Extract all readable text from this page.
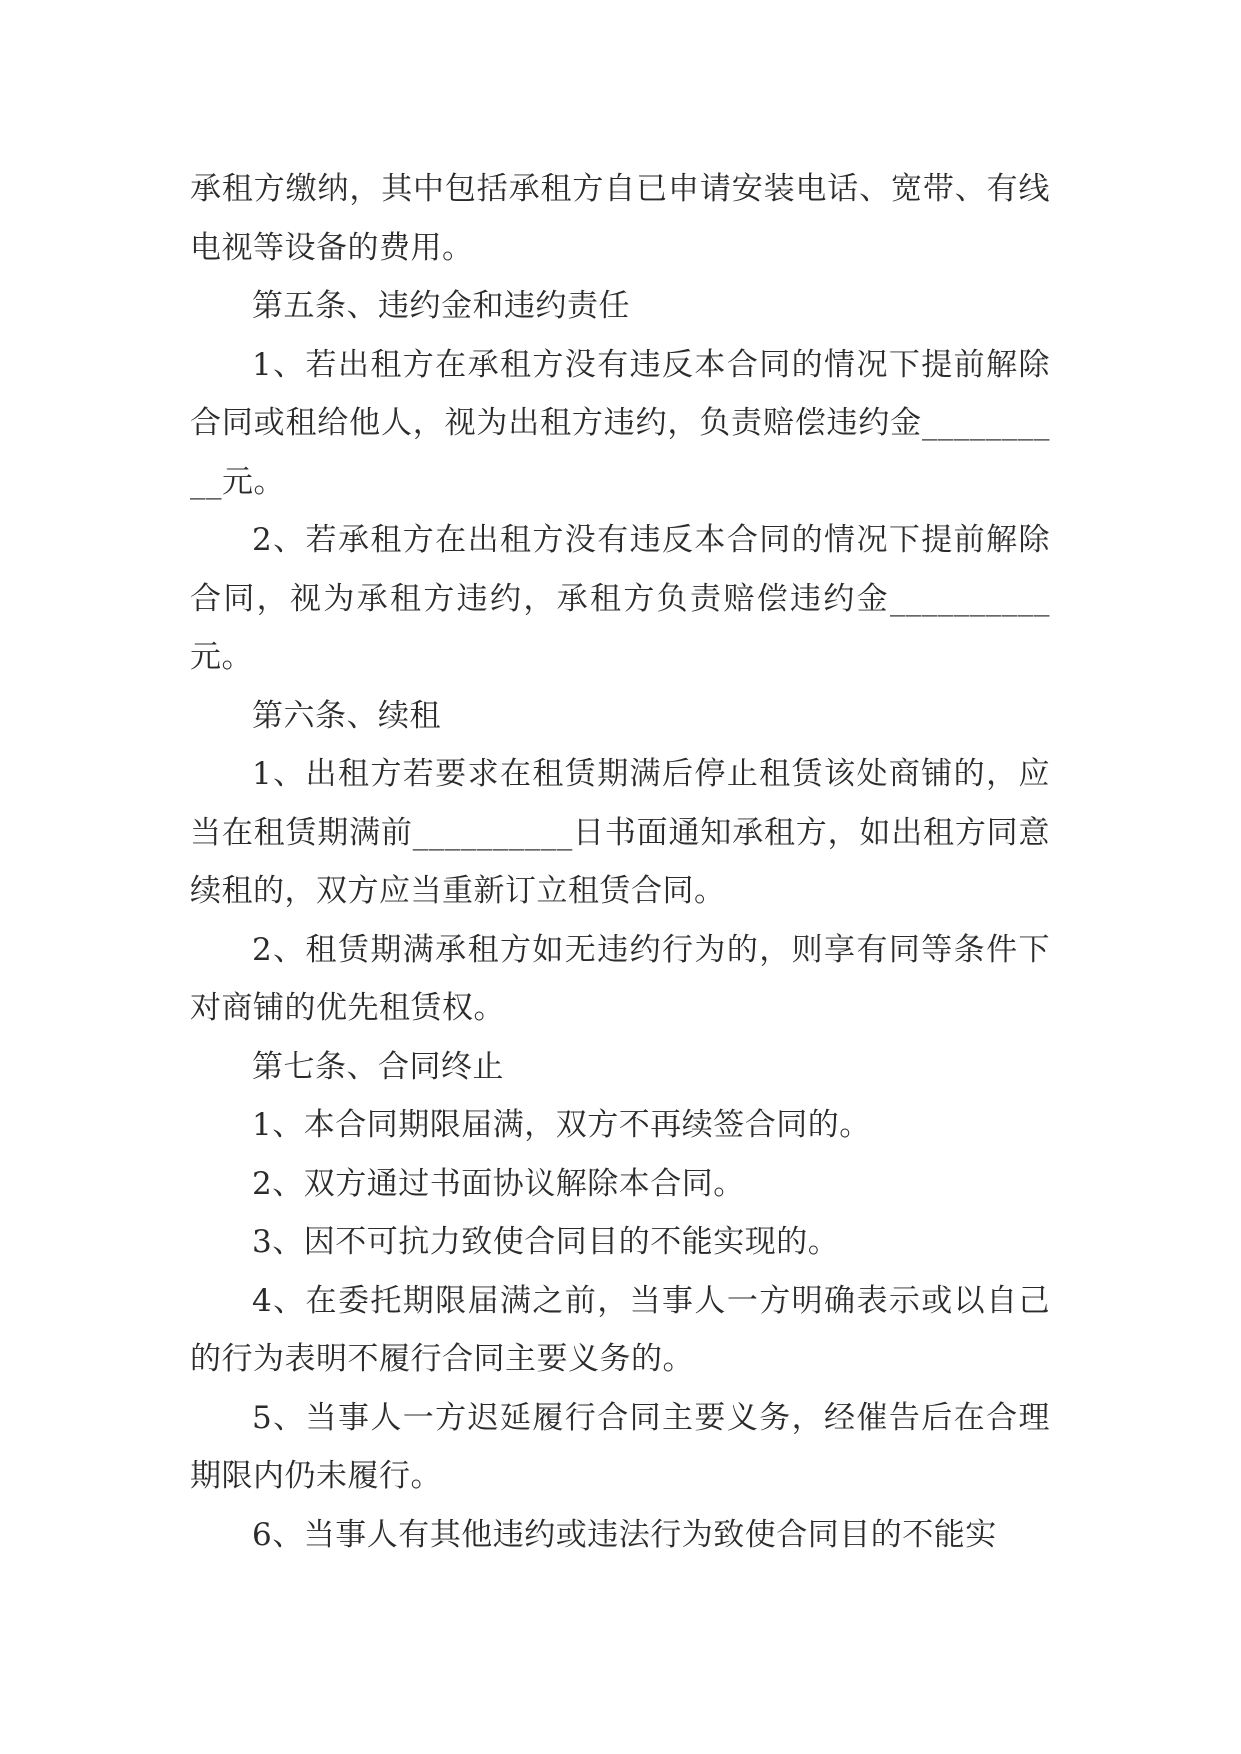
承租方缴纳，其中包括承租方自已申请安装电话、宽带、有线电视等设备的费用。

第五条、违约金和违约责任

1、若出租方在承租方没有违反本合同的情况下提前解除合同或租给他人，视为出租方违约，负责赔偿违约金__________元。

2、若承租方在出租方没有违反本合同的情况下提前解除合同，视为承租方违约，承租方负责赔偿违约金__________元。

第六条、续租

1、出租方若要求在租赁期满后停止租赁该处商铺的，应当在租赁期满前__________日书面通知承租方，如出租方同意续租的，双方应当重新订立租赁合同。

2、租赁期满承租方如无违约行为的，则享有同等条件下对商铺的优先租赁权。

第七条、合同终止

1、本合同期限届满，双方不再续签合同的。

2、双方通过书面协议解除本合同。

3、因不可抗力致使合同目的不能实现的。

4、在委托期限届满之前，当事人一方明确表示或以自己的行为表明不履行合同主要义务的。

5、当事人一方迟延履行合同主要义务，经催告后在合理期限内仍未履行。

6、当事人有其他违约或违法行为致使合同目的不能实
